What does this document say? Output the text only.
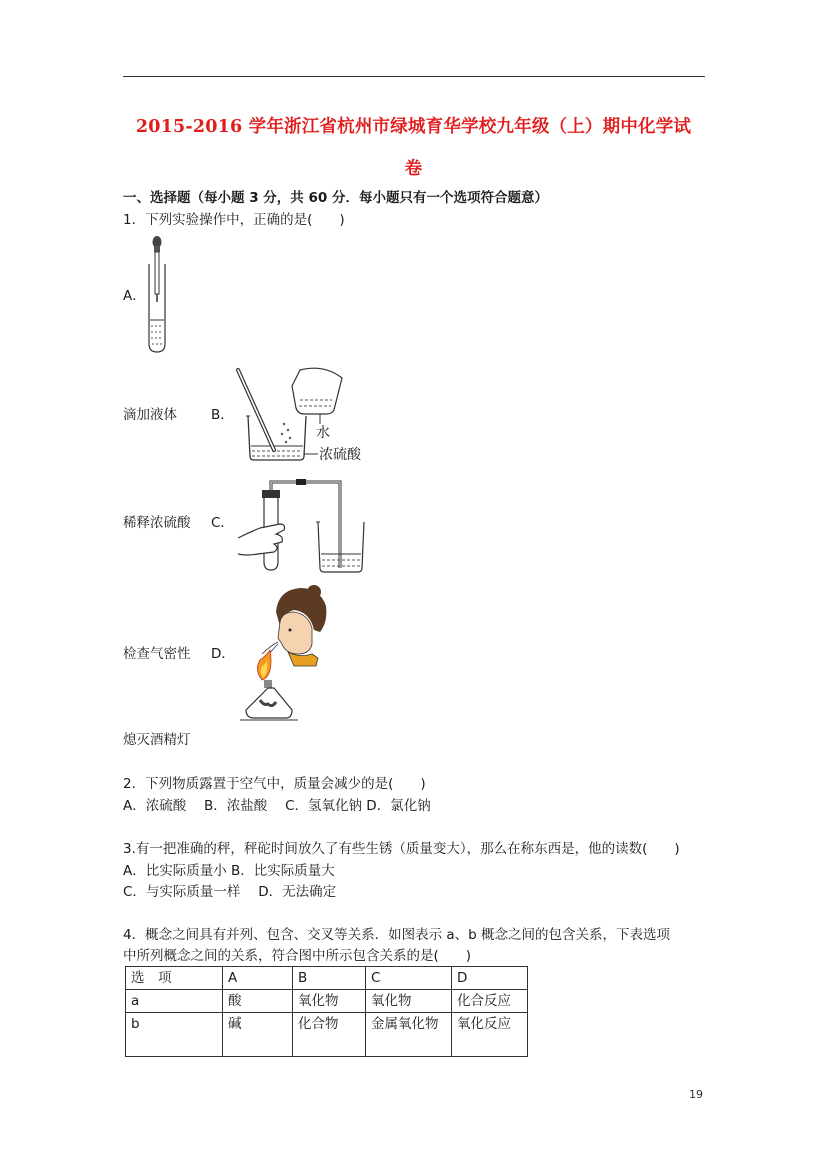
2015-2016 学年浙江省杭州市绿城育华学校九年级（上）期中化学试
卷
一、选择题（每小题 3 分，共 60 分．每小题只有一个选项符合题意）
1．下列实验操作中，正确的是(　　)
A．
滴加液体	B．
水
浓硫酸
稀释浓硫酸 C．
检查气密性 D．
熄灭酒精灯
2．下列物质露置于空气中，质量会减少的是(　　)
A．浓硫酸　 B．浓盐酸　 C．氢氧化钠 D．氯化钠
3.有一把准确的秤，秤砣时间放久了有些生锈（质量变大），那么在称东西是，他的读数(　　)
A．比实际质量小 B．比实际质量大
C．与实际质量一样　 D．无法确定
4．概念之间具有并列、包含、交叉等关系．如图表示 a、b 概念之间的包含关系，下表选项
中所列概念之间的关系，符合图中所示包含关系的是(　　)
选　项	A	B	C	D
a	酸	氧化物	氧化物	化合反应
b	碱	化合物	金属氧化物	氧化反应
19
